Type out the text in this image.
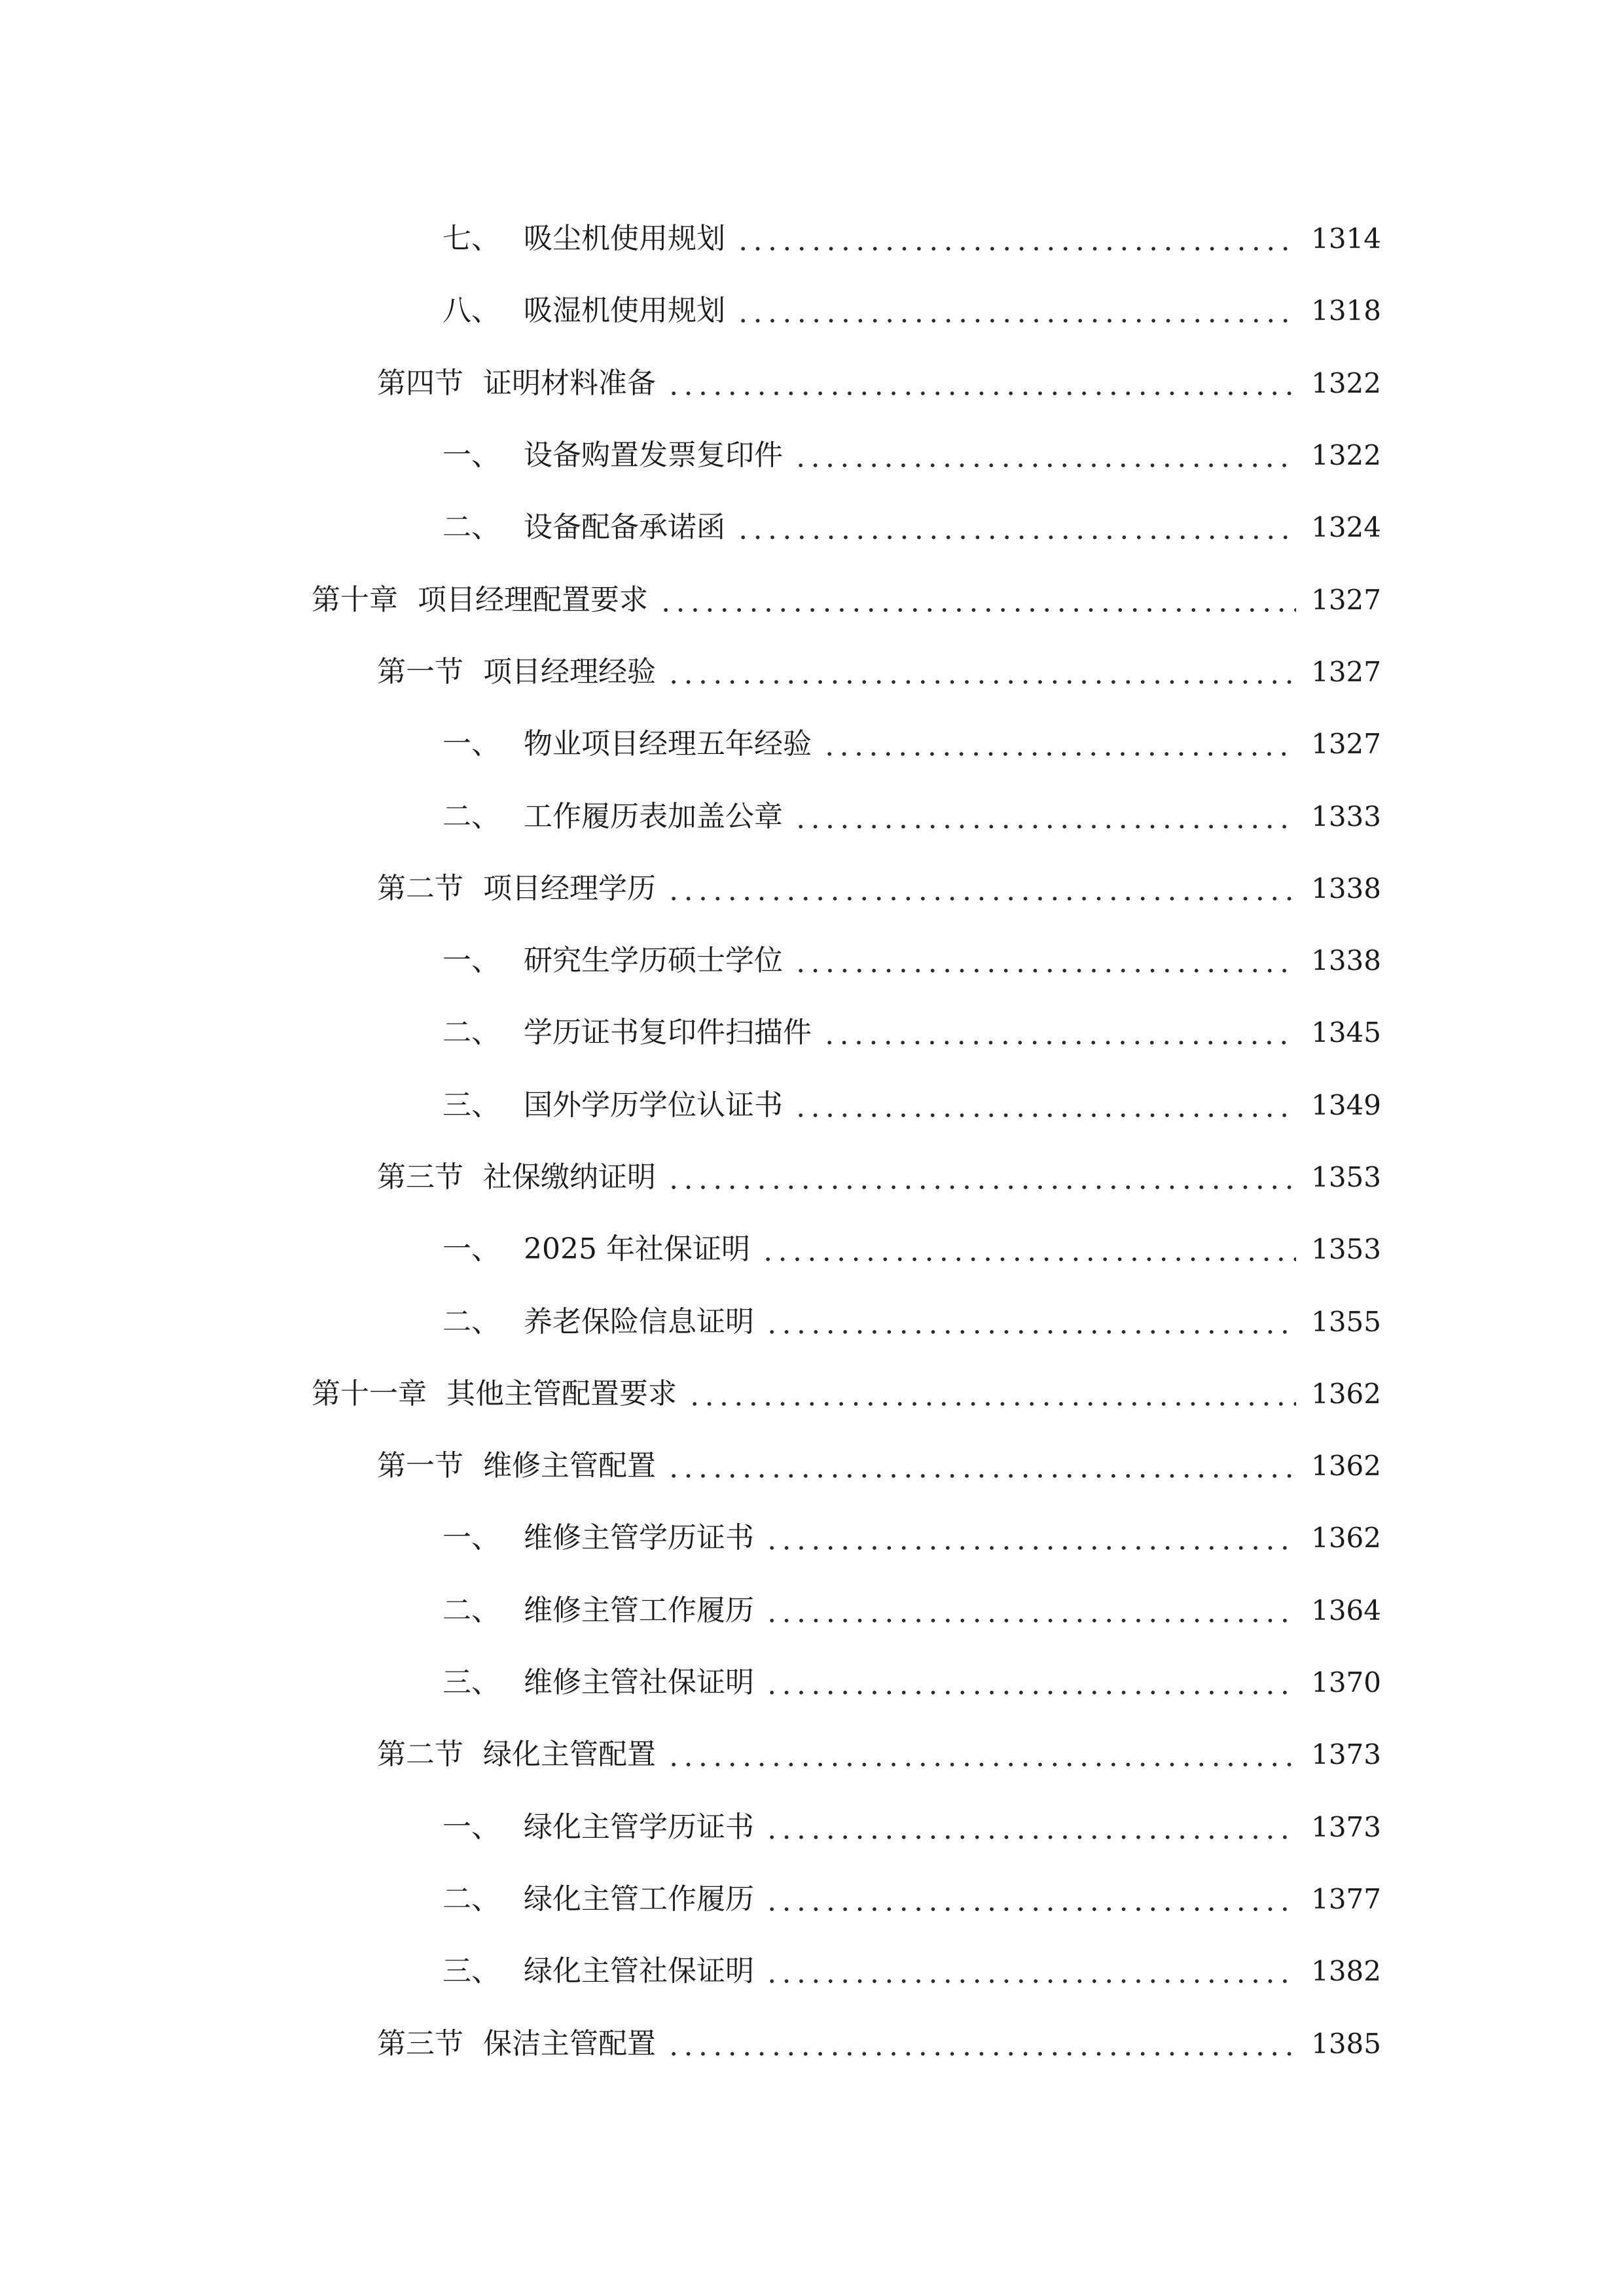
七、 吸尘机使用规划	1314
八、 吸湿机使用规划	1318
第四节 证明材料准备	1322
一、 设备购置发票复印件	1322
二、 设备配备承诺函	1324
第十章 项目经理配置要求	1327
第一节 项目经理经验	1327
一、 物业项目经理五年经验	1327
二、 工作履历表加盖公章	1333
第二节 项目经理学历	1338
一、 研究生学历硕士学位	1338
二、 学历证书复印件扫描件	1345
三、 国外学历学位认证书	1349
第三节 社保缴纳证明	1353
一、 2025 年社保证明	1353
二、 养老保险信息证明	1355
第十一章 其他主管配置要求	1362
第一节 维修主管配置	1362
一、 维修主管学历证书	1362
二、 维修主管工作履历	1364
三、 维修主管社保证明	1370
第二节 绿化主管配置	1373
一、 绿化主管学历证书	1373
二、 绿化主管工作履历	1377
三、 绿化主管社保证明	1382
第三节 保洁主管配置	1385
